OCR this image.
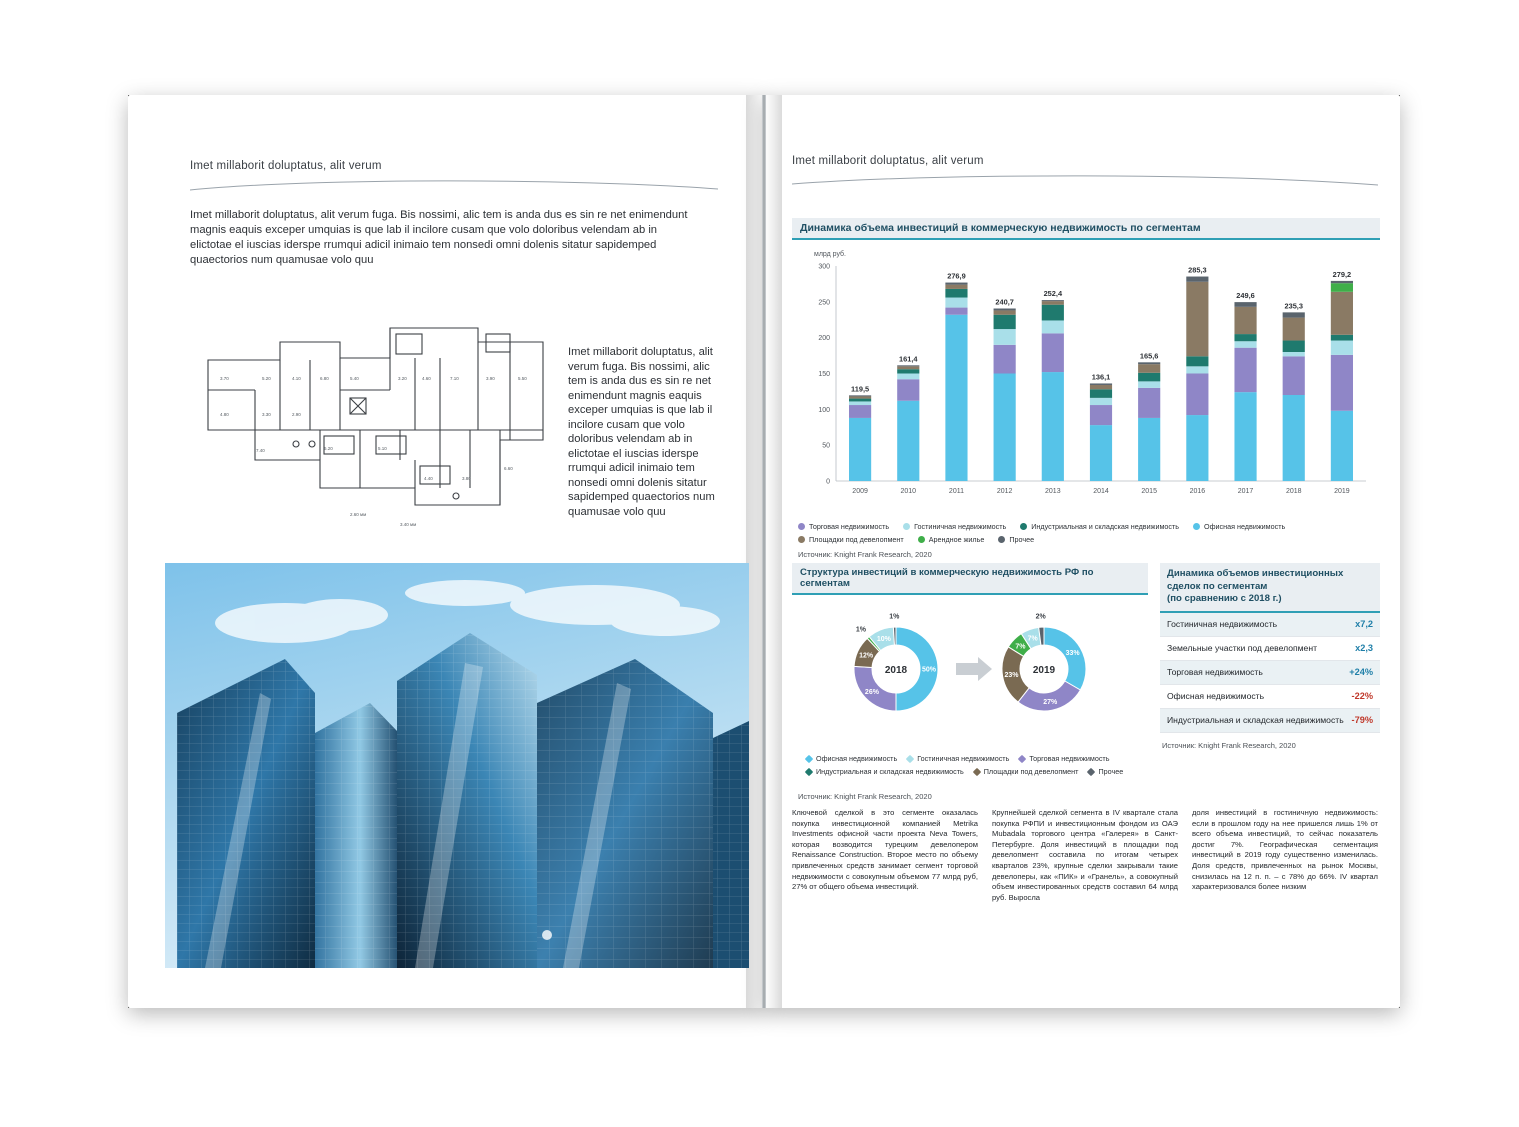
Imet millaborit doluptatus, alit verum
Imet millaborit doluptatus, alit verum fuga. Bis nossimi, alic tem is anda dus es sin re net enimendunt magnis eaquis exceper umquias is que lab il incilore cusam que volo doloribus velendam ab in elictotae el iuscias iderspe rrumqui adicil inimaio tem nonsedi omni dolenis sitatur sapidemped quaectorios num quamusae volo quu
3.70	5.20	4.10	6.80	5.40	3.20	4.60	7.10	3.90	5.50
4.80	3.30	2.90
6.20	5.10
4.40	3.80
6.60
2.60 мм
7.40
3.40 мм
Imet millaborit doluptatus, alit verum fuga. Bis nossimi, alic tem is anda dus es sin re net enimendunt magnis eaquis exceper umquias is que lab il incilore cusam que volo doloribus velendam ab in elictotae el iuscias iderspe rrumqui adicil inimaio tem nonsedi omni dolenis sitatur sapidemped quaectorios num quamusae volo quu
Imet millaborit doluptatus, alit verum
Динамика объема инвестиций в коммерческую недвижимость по сегментам
млрд руб.
0
50
100
150
200
250
300
119,5
2009
161,4
2010
276,9
2011
240,7
2012
252,4
2013
136,1
2014
165,6
2015
285,3
2016
249,6
2017
235,3
2018
279,2
2019
Торговая недвижимость	Гостиничная недвижимость	Индустриальная и складская недвижимость	Офисная недвижимость
Площадки под девелопмент	Арендное жилье	Прочее
Источник: Knight Frank Research, 2020
Структура инвестиций в коммерческую недвижимость РФ по сегментам
50%
26%
12%
1%
10%
1%
2018
33%
27%
23%
7%
7%
2%
2019
Офисная недвижимость	Гостиничная недвижимость	Торговая недвижимость
Индустриальная и складская недвижимость	Площадки под девелопмент	Прочее
Источник: Knight Frank Research, 2020
Динамика объемов инвестиционных
сделок по сегментам
(по сравнению с 2018 г.)
Гостиничная недвижимость	х7,2
Земельные участки под девелопмент	х2,3
Торговая недвижимость	+24%
Офисная недвижимость	-22%
Индустриальная и складская недвижимость -79%
Источник: Knight Frank Research, 2020
Ключевой сделкой в это сегменте оказалась покупка инвестиционной компанией Metrika Investments офисной части проекта Neva Towers, которая возводится турецким девелопером Renaissance Construction. Второе место по объему привлеченных средств занимает сегмент торговой недвижимости с совокупным объемом 77 млрд руб, 27% от общего объема инвестиций.
Крупнейшей сделкой сегмента в IV квартале стала покупка РФПИ и инвестиционным фондом из ОАЭ Mubadala торгового центра «Галерея» в Санкт-Петербурге. Доля инвестиций в площадки под девелопмент составила по итогам четырех кварталов 23%, крупные сделки закрывали такие девелоперы, как «ПИК» и «Гранель», а совокупный объем инвестированных средств составил 64 млрд руб. Выросла
доля инвестиций в гостиничную недвижимость: если в прошлом году на нее пришелся лишь 1% от всего объема инвестиций, то сейчас показатель достиг 7%. Географическая сегментация инвестиций в 2019 году существенно изменилась. Доля средств, привлеченных на рынок Москвы, снизилась на 12 п. п. – с 78% до 66%. IV квартал характеризовался более низким
